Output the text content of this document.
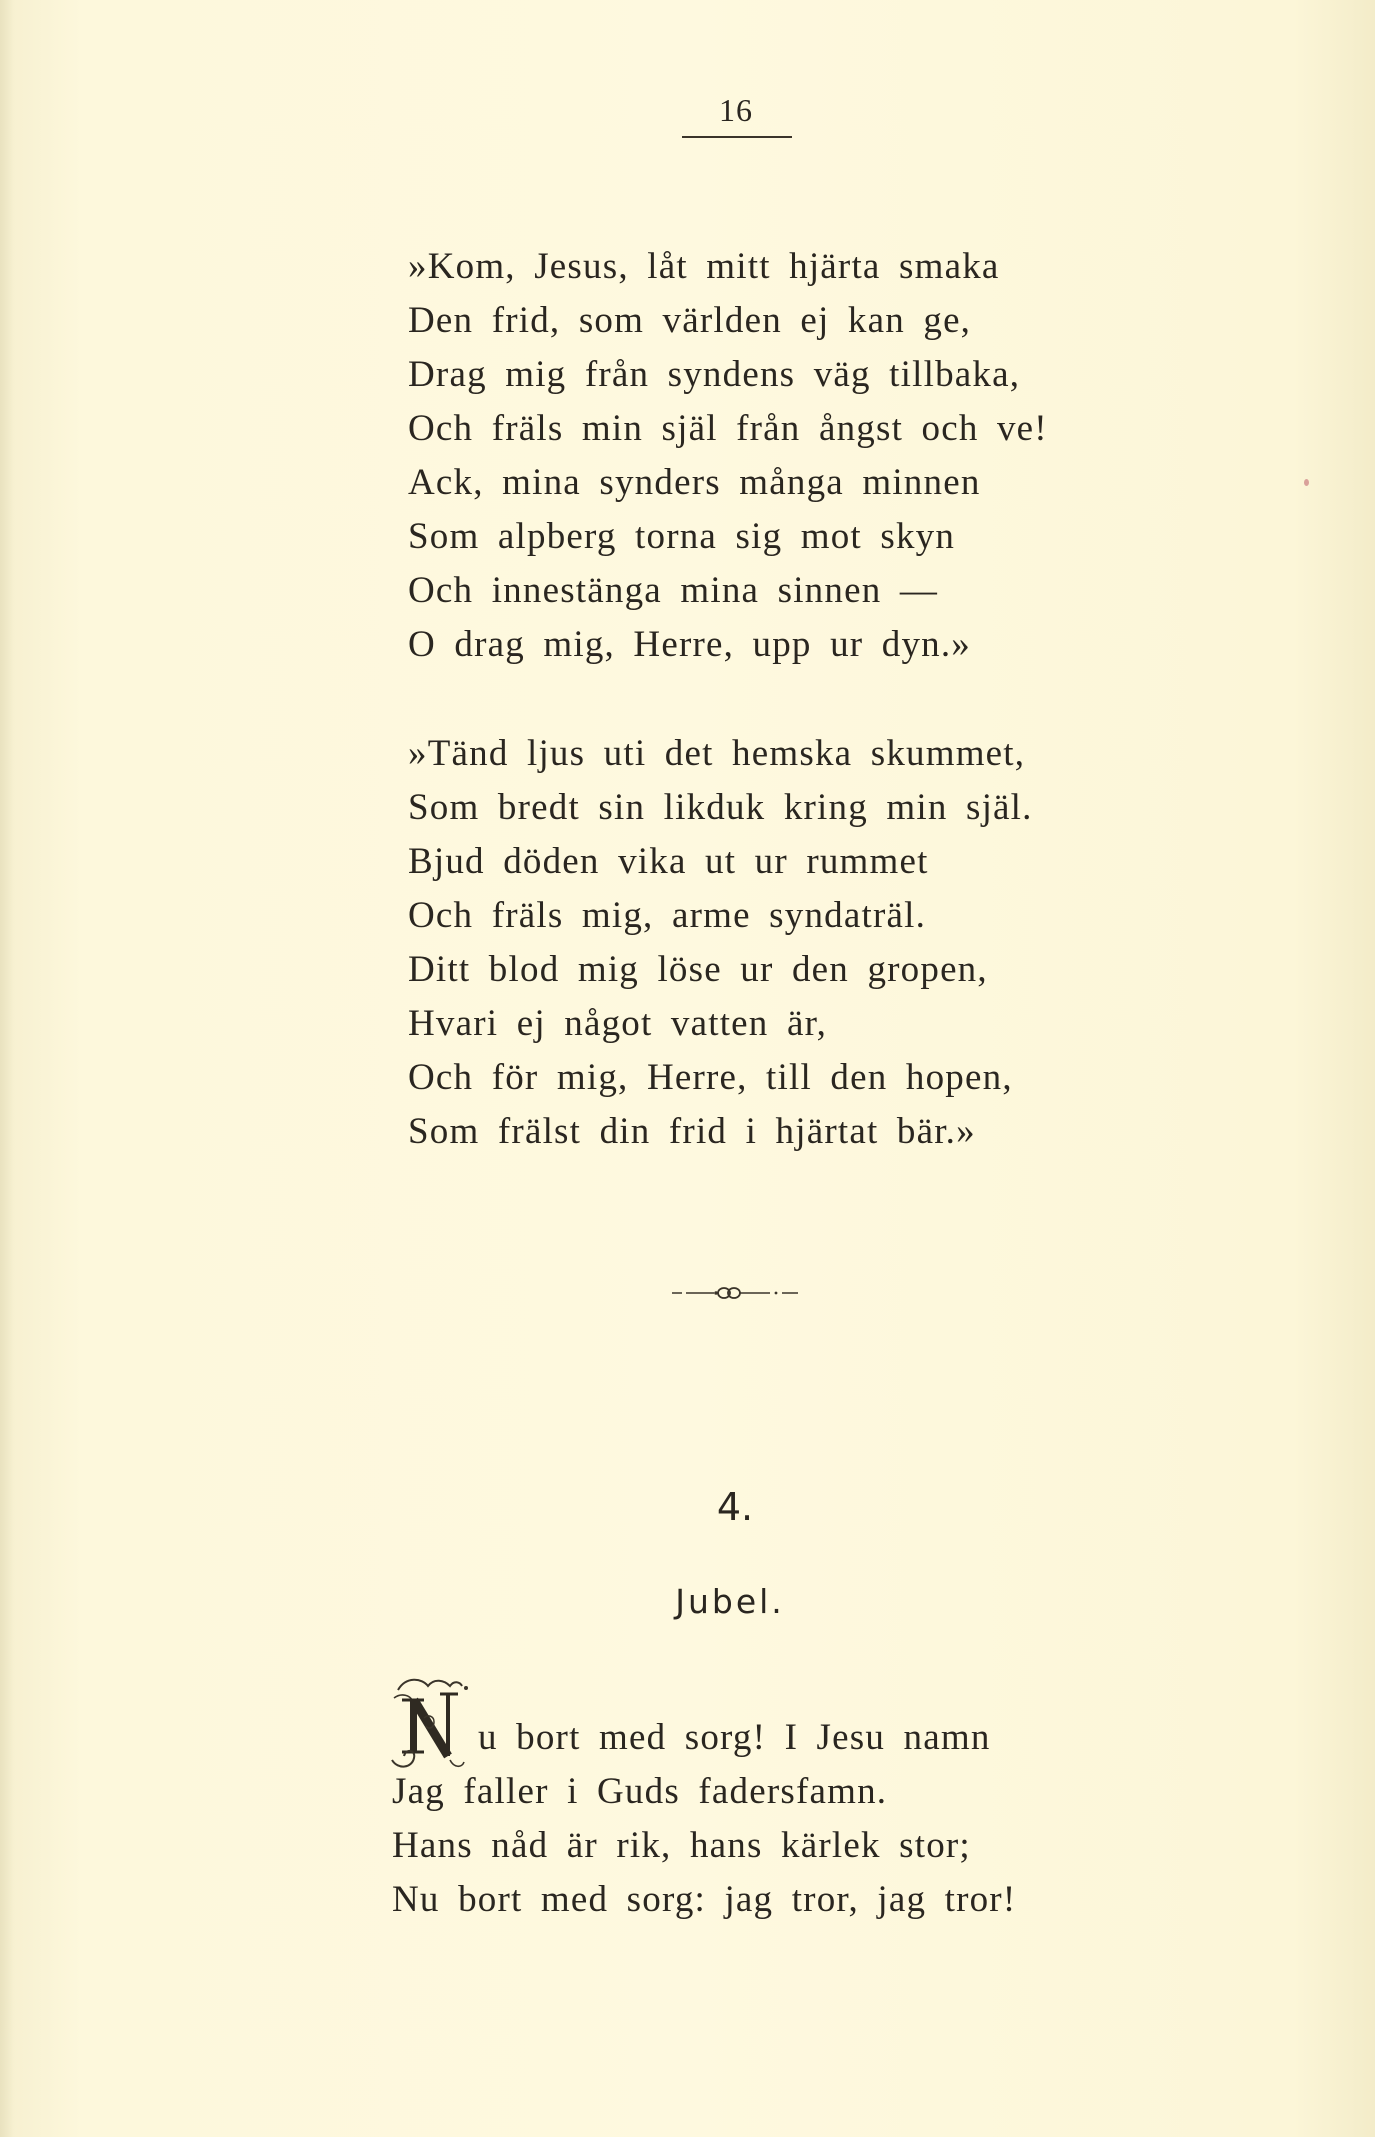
16
»Kom, Jesus, låt mitt hjärta smaka
Den frid, som världen ej kan ge,
Drag mig från syndens väg tillbaka,
Och fräls min själ från ångst och ve!
Ack, mina synders många minnen
Som alpberg torna sig mot skyn
Och innestänga mina sinnen —
O drag mig, Herre, upp ur dyn.»
»Tänd ljus uti det hemska skummet,
Som bredt sin likduk kring min själ.
Bjud döden vika ut ur rummet
Och fräls mig, arme syndaträl.
Ditt blod mig löse ur den gropen,
Hvari ej något vatten är,
Och för mig, Herre, till den hopen,
Som frälst din frid i hjärtat bär.»
4.
Jubel.
u bort med sorg! I Jesu namn
Jag faller i Guds fadersfamn.
Hans nåd är rik, hans kärlek stor;
Nu bort med sorg: jag tror, jag tror!
